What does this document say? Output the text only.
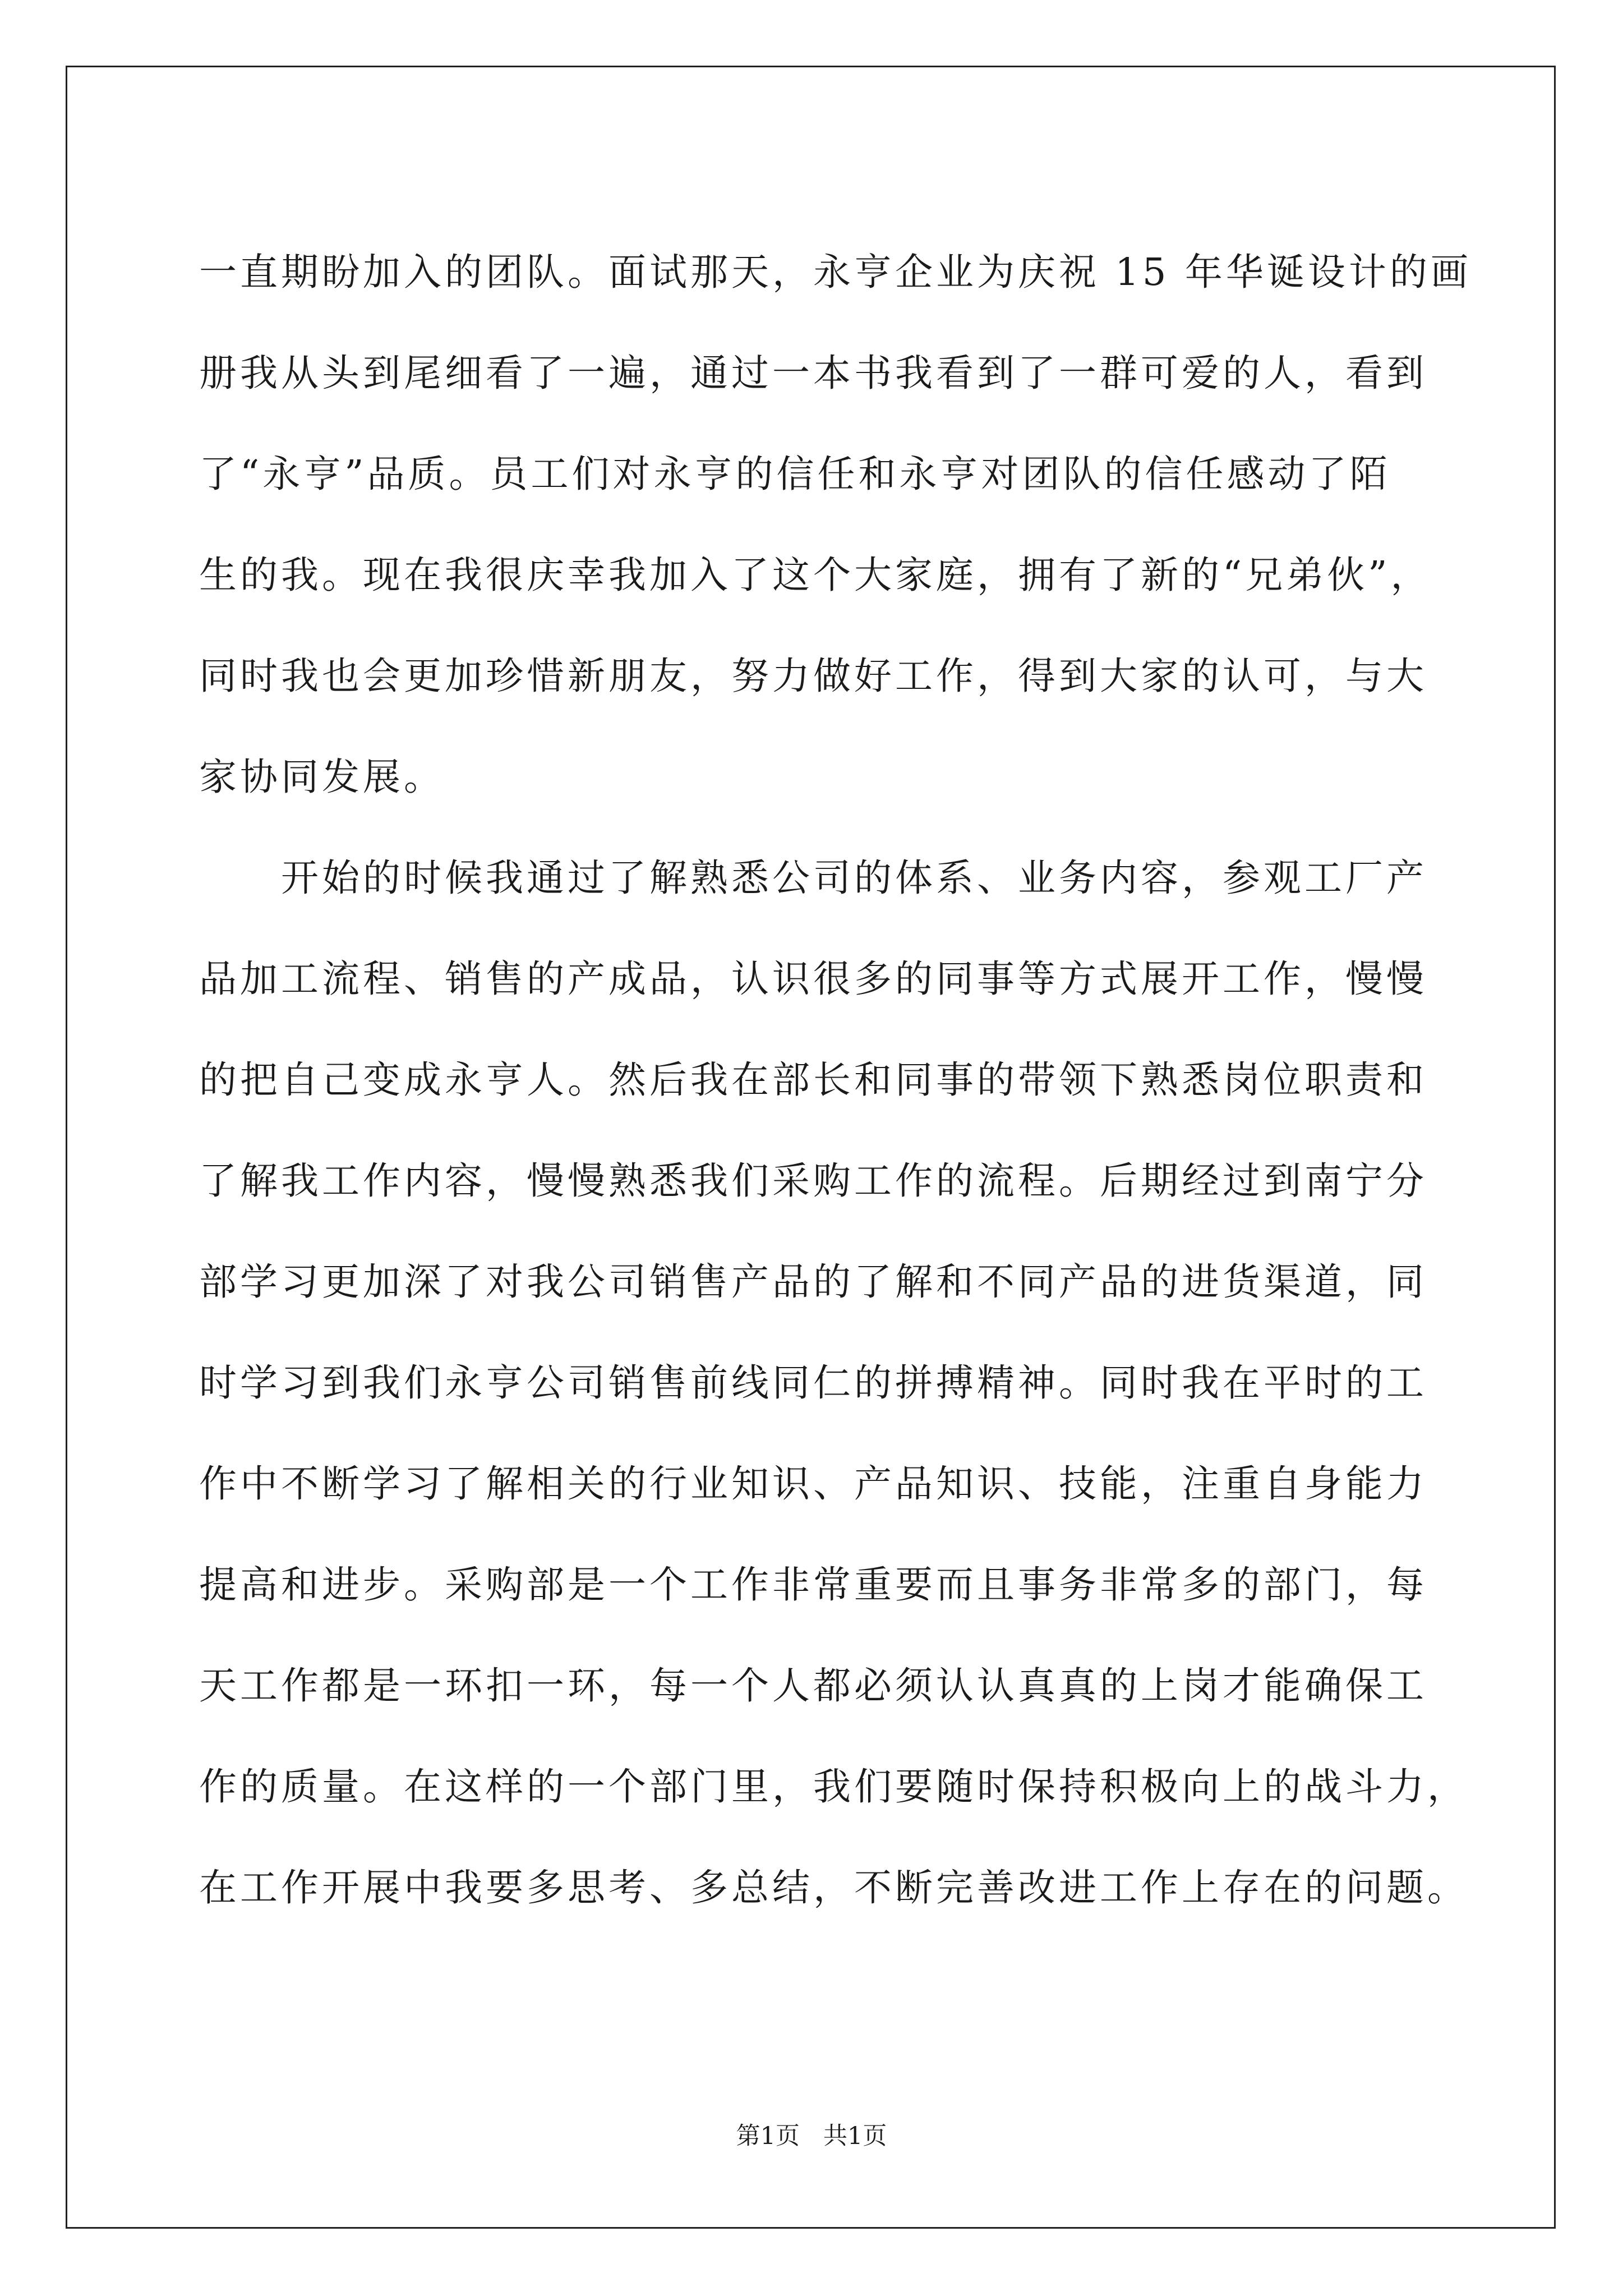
一直期盼加入的团队。面试那天，永亨企业为庆祝 15 年华诞设计的画
册我从头到尾细看了一遍，通过一本书我看到了一群可爱的人，看到
了“永亨”品质。员工们对永亨的信任和永亨对团队的信任感动了陌
生的我。现在我很庆幸我加入了这个大家庭，拥有了新的“兄弟伙”，
同时我也会更加珍惜新朋友，努力做好工作，得到大家的认可，与大
家协同发展。
开始的时候我通过了解熟悉公司的体系、业务内容，参观工厂产
品加工流程、销售的产成品，认识很多的同事等方式展开工作，慢慢
的把自己变成永亨人。然后我在部长和同事的带领下熟悉岗位职责和
了解我工作内容，慢慢熟悉我们采购工作的流程。后期经过到南宁分
部学习更加深了对我公司销售产品的了解和不同产品的进货渠道，同
时学习到我们永亨公司销售前线同仁的拼搏精神。同时我在平时的工
作中不断学习了解相关的行业知识、产品知识、技能，注重自身能力
提高和进步。采购部是一个工作非常重要而且事务非常多的部门，每
天工作都是一环扣一环，每一个人都必须认认真真的上岗才能确保工
作的质量。在这样的一个部门里，我们要随时保持积极向上的战斗力，
在工作开展中我要多思考、多总结，不断完善改进工作上存在的问题。
第1页 共1页
